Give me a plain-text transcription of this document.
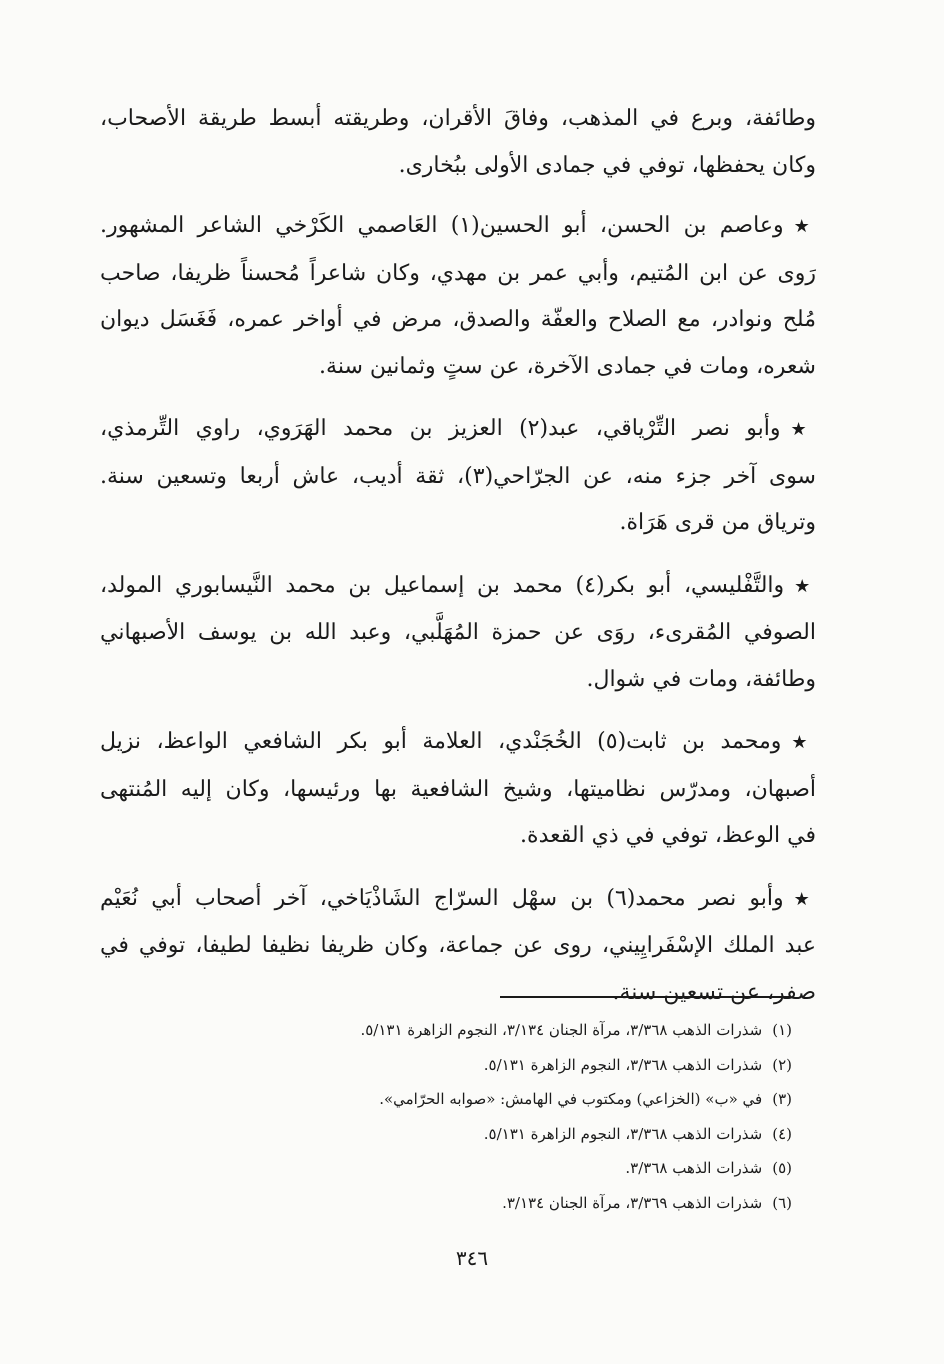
وطائفة، وبرع في المذهب، وفاقَ الأقران، وطريقته أبسط طريقة الأصحاب،
وكان يحفظها، توفي في جمادى الأولى ببُخارى.

★وعاصم بن الحسن، أبو الحسين(١) العَاصمي الكَرْخي الشاعر المشهور.
رَوى عن ابن المُتيم، وأبي عمر بن مهدي، وكان شاعراً مُحسناً ظريفا، صاحب
مُلح ونوادر، مع الصلاح والعفّة والصدق، مرض في أواخر عمره، فَغَسَل ديوان
شعره، ومات في جمادى الآخرة، عن ستٍ وثمانين سنة.

★وأبو نصر التِّرْياقي، عبد(٢) العزيز بن محمد الهَرَوي، راوي التِّرمذي،
سوى آخر جزء منه، عن الجرّاحي(٣)، ثقة أديب، عاش أربعا وتسعين سنة.
وترياق من قرى هَرَاة.

★والتَّفْليسي، أبو بكر(٤) محمد بن إسماعيل بن محمد النَّيسابوري المولد،
الصوفي المُقرىء، روَى عن حمزة المُهَلَّبي، وعبد الله بن يوسف الأصبهاني
وطائفة، ومات في شوال.

★ومحمد بن ثابت(٥) الخُجَنْدي، العلامة أبو بكر الشافعي الواعظ، نزيل
أصبهان، ومدرّس نظاميتها، وشيخ الشافعية بها ورئيسها، وكان إليه المُنتهى
في الوعظ، توفي في ذي القعدة.

★وأبو نصر محمد(٦) بن سهْل السرّاج الشَاذْيَاخي، آخر أصحاب أبي نُعَيْم
عبد الملك الإسْفَرايِيني، روى عن جماعة، وكان ظريفا نظيفا لطيفا، توفي في
صفر، عن تسعين سنة.

(١)شذرات الذهب ٣/٣٦٨، مرآة الجنان ٣/١٣٤، النجوم الزاهرة ٥/١٣١.
(٢)شذرات الذهب ٣/٣٦٨، النجوم الزاهرة ٥/١٣١.
(٣)في «ب» (الخزاعي) ومكتوب في الهامش: «صوابه الحرّامي».
(٤)شذرات الذهب ٣/٣٦٨، النجوم الزاهرة ٥/١٣١.
(٥)شذرات الذهب ٣/٣٦٨.
(٦)شذرات الذهب ٣/٣٦٩، مرآة الجنان ٣/١٣٤.
٣٤٦
